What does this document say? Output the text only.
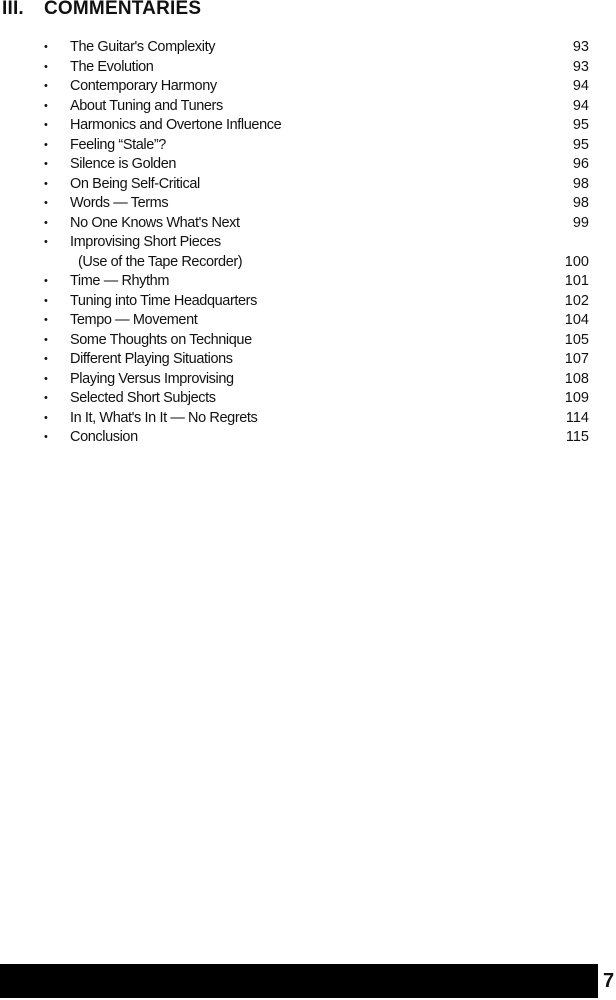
III. COMMENTARIES
•	The Guitar's Complexity	93
•	The Evolution	93
•	Contemporary Harmony	94
•	About Tuning and Tuners	94
•	Harmonics and Overtone Influence	95
•	Feeling “Stale”?	95
•	Silence is Golden	96
•	On Being Self-Critical	98
•	Words — Terms	98
•	No One Knows What's Next	99
•	Improvising Short Pieces
(Use of the Tape Recorder)	100
•	Time — Rhythm	101
•	Tuning into Time Headquarters	102
•	Tempo — Movement	104
•	Some Thoughts on Technique	105
•	Different Playing Situations	107
•	Playing Versus Improvising	108
•	Selected Short Subjects	109
•	In It, What's In It — No Regrets	114
•	Conclusion	115
7
